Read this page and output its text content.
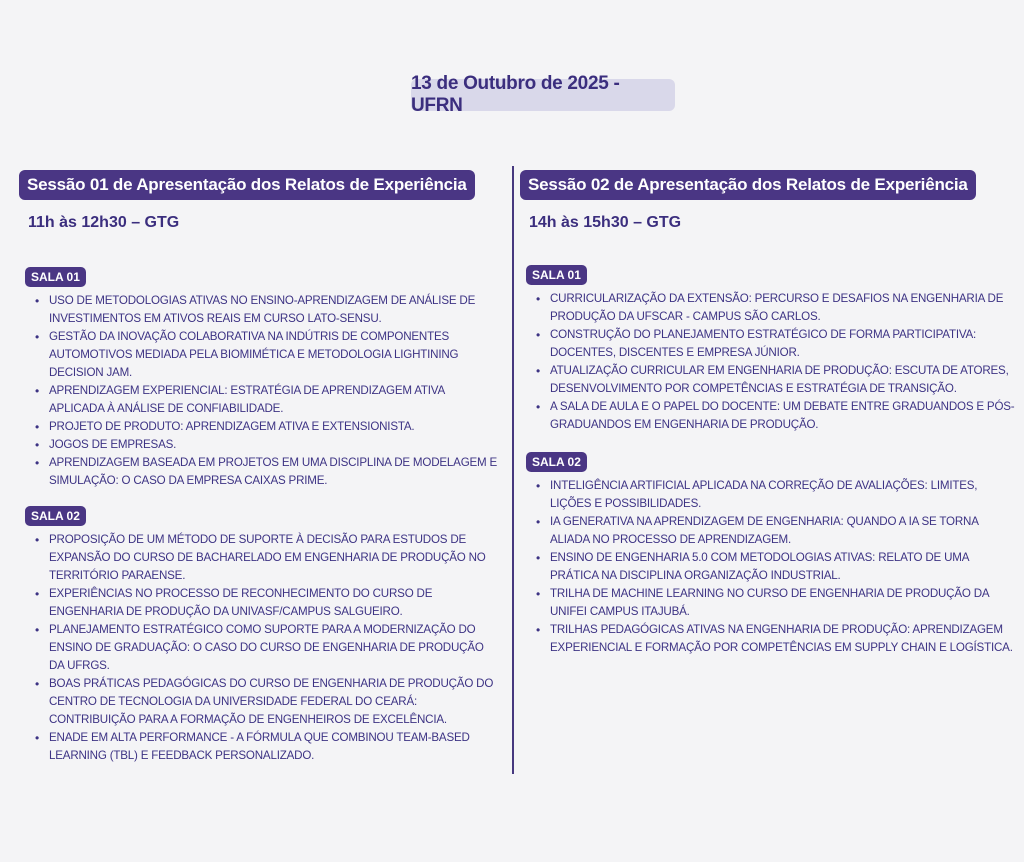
13 de Outubro de 2025 - UFRN
Sessão 01 de Apresentação dos Relatos de Experiência
11h às 12h30 – GTG
SALA 01
• USO DE METODOLOGIAS ATIVAS NO ENSINO-APRENDIZAGEM DE ANÁLISE DE INVESTIMENTOS EM ATIVOS REAIS EM CURSO LATO-SENSU.
• GESTÃO DA INOVAÇÃO COLABORATIVA NA INDÚTRIS DE COMPONENTES AUTOMOTIVOS MEDIADA PELA BIOMIMÉTICA E METODOLOGIA LIGHTINING DECISION JAM.
• APRENDIZAGEM EXPERIENCIAL: ESTRATÉGIA DE APRENDIZAGEM ATIVA APLICADA À ANÁLISE DE CONFIABILIDADE.
• PROJETO DE PRODUTO: APRENDIZAGEM ATIVA E EXTENSIONISTA.
• JOGOS DE EMPRESAS.
• APRENDIZAGEM BASEADA EM PROJETOS EM UMA DISCIPLINA DE MODELAGEM E SIMULAÇÃO: O CASO DA EMPRESA CAIXAS PRIME.
SALA 02
• PROPOSIÇÃO DE UM MÉTODO DE SUPORTE À DECISÃO PARA ESTUDOS DE EXPANSÃO DO CURSO DE BACHARELADO EM ENGENHARIA DE PRODUÇÃO NO TERRITÓRIO PARAENSE.
• EXPERIÊNCIAS NO PROCESSO DE RECONHECIMENTO DO CURSO DE ENGENHARIA DE PRODUÇÃO DA UNIVASF/CAMPUS SALGUEIRO.
• PLANEJAMENTO ESTRATÉGICO COMO SUPORTE PARA A MODERNIZAÇÃO DO ENSINO DE GRADUAÇÃO: O CASO DO CURSO DE ENGENHARIA DE PRODUÇÃO DA UFRGS.
• BOAS PRÁTICAS PEDAGÓGICAS DO CURSO DE ENGENHARIA DE PRODUÇÃO DO CENTRO DE TECNOLOGIA DA UNIVERSIDADE FEDERAL DO CEARÁ: CONTRIBUIÇÃO PARA A FORMAÇÃO DE ENGENHEIROS DE EXCELÊNCIA.
• ENADE EM ALTA PERFORMANCE - A FÓRMULA QUE COMBINOU TEAM-BASED LEARNING (TBL) E FEEDBACK PERSONALIZADO.
Sessão 02 de Apresentação dos Relatos de Experiência
14h às 15h30 – GTG
SALA 01
• CURRICULARIZAÇÃO DA EXTENSÃO: PERCURSO E DESAFIOS NA ENGENHARIA DE PRODUÇÃO DA UFSCAR - CAMPUS SÃO CARLOS.
• CONSTRUÇÃO DO PLANEJAMENTO ESTRATÉGICO DE FORMA PARTICIPATIVA: DOCENTES, DISCENTES E EMPRESA JÚNIOR.
• ATUALIZAÇÃO CURRICULAR EM ENGENHARIA DE PRODUÇÃO: ESCUTA DE ATORES, DESENVOLVIMENTO POR COMPETÊNCIAS E ESTRATÉGIA DE TRANSIÇÃO.
• A SALA DE AULA E O PAPEL DO DOCENTE: UM DEBATE ENTRE GRADUANDOS E PÓS-GRADUANDOS EM ENGENHARIA DE PRODUÇÃO.
SALA 02
• INTELIGÊNCIA ARTIFICIAL APLICADA NA CORREÇÃO DE AVALIAÇÕES: LIMITES, LIÇÕES E POSSIBILIDADES.
• IA GENERATIVA NA APRENDIZAGEM DE ENGENHARIA: QUANDO A IA SE TORNA ALIADA NO PROCESSO DE APRENDIZAGEM.
• ENSINO DE ENGENHARIA 5.0 COM METODOLOGIAS ATIVAS: RELATO DE UMA PRÁTICA NA DISCIPLINA ORGANIZAÇÃO INDUSTRIAL.
• TRILHA DE MACHINE LEARNING NO CURSO DE ENGENHARIA DE PRODUÇÃO DA UNIFEI CAMPUS ITAJUBÁ.
• TRILHAS PEDAGÓGICAS ATIVAS NA ENGENHARIA DE PRODUÇÃO: APRENDIZAGEM EXPERIENCIAL E FORMAÇÃO POR COMPETÊNCIAS EM SUPPLY CHAIN E LOGÍSTICA.
